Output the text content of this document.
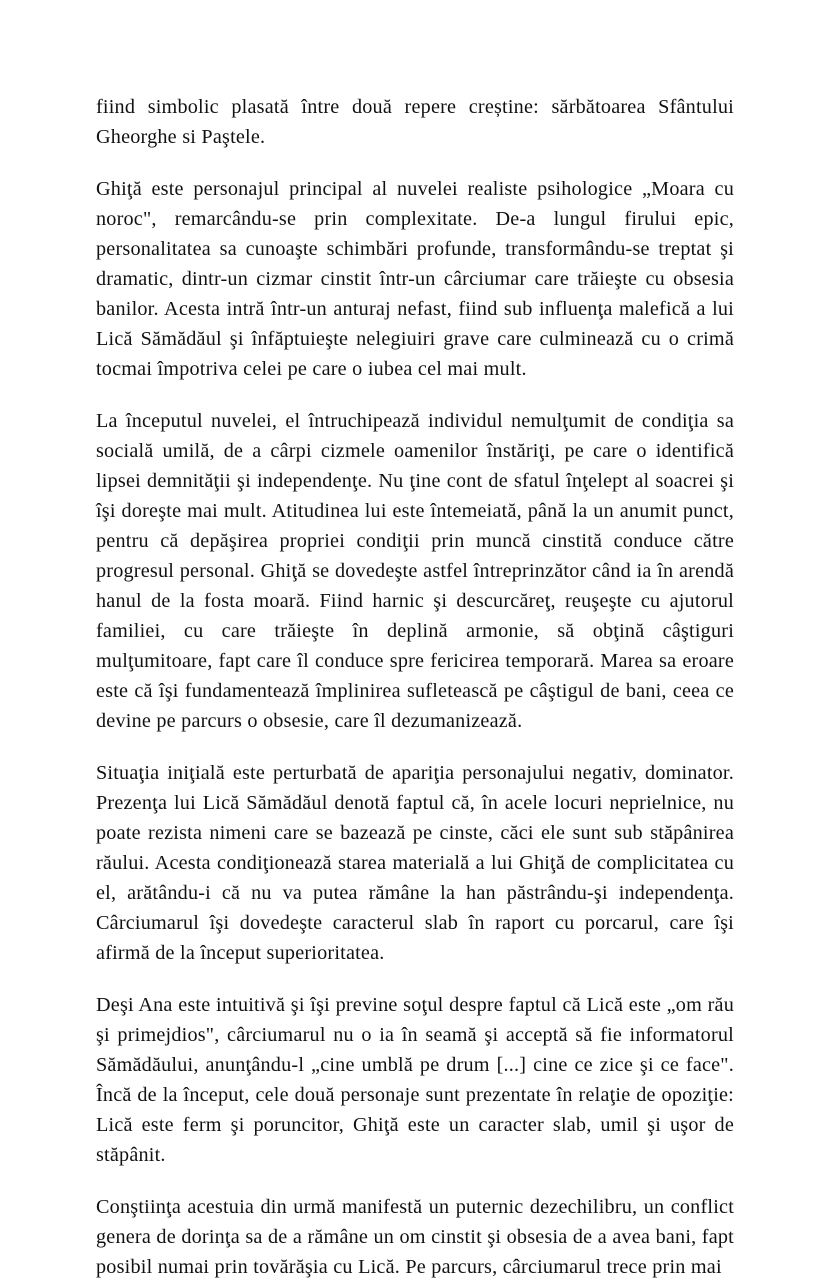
fiind simbolic plasată între două repere creștine: sărbătoarea Sfântului Gheorghe si Paştele.

Ghiţă este personajul principal al nuvelei realiste psihologice „Moara cu noroc", remarcându-se prin complexitate. De-a lungul firului epic, personalitatea sa cunoaşte schimbări profunde, transformându-se treptat şi dramatic, dintr-un cizmar cinstit într-un cârciumar care trăieşte cu obsesia banilor. Acesta intră într-un anturaj nefast, fiind sub influenţa malefică a lui Lică Sămădăul şi înfăptuieşte nelegiuiri grave care culminează cu o crimă tocmai împotriva celei pe care o iubea cel mai mult.

La începutul nuvelei, el întruchipează individul nemulţumit de condiţia sa socială umilă, de a cârpi cizmele oamenilor înstăriţi, pe care o identifică lipsei demnităţii şi independenţe. Nu ţine cont de sfatul înţelept al soacrei şi îşi doreşte mai mult. Atitudinea lui este întemeiată, până la un anumit punct, pentru că depăşirea propriei condiţii prin muncă cinstită conduce către progresul personal. Ghiţă se dovedeşte astfel întreprinzător când ia în arendă hanul de la fosta moară. Fiind harnic şi descurcăreţ, reuşeşte cu ajutorul familiei, cu care trăieşte în deplină armonie, să obţină câştiguri mulţumitoare, fapt care îl conduce spre fericirea temporară. Marea sa eroare este că îşi fundamentează împlinirea sufletească pe câştigul de bani, ceea ce devine pe parcurs o obsesie, care îl dezumanizează.

Situaţia iniţială este perturbată de apariţia personajului negativ, dominator. Prezenţa lui Lică Sămădăul denotă faptul că, în acele locuri neprielnice, nu poate rezista nimeni care se bazează pe cinste, căci ele sunt sub stăpânirea răului. Acesta condiţionează starea materială a lui Ghiţă de complicitatea cu el, arătându-i că nu va putea rămâne la han păstrându-şi independenţa. Cârciumarul îşi dovedeşte caracterul slab în raport cu porcarul, care îşi afirmă de la început superioritatea.

Deşi Ana este intuitivă şi îşi previne soţul despre faptul că Lică este „om rău şi primejdios", cârciumarul nu o ia în seamă şi acceptă să fie informatorul Sămădăului, anunţându-l „cine umblă pe drum [...] cine ce zice şi ce face". Încă de la început, cele două personaje sunt prezentate în relaţie de opoziţie: Lică este ferm şi poruncitor, Ghiţă este un caracter slab, umil şi uşor de stăpânit.

Conştiinţa acestuia din urmă manifestă un puternic dezechilibru, un conflict genera de dorinţa sa de a rămâne un om cinstit şi obsesia de a avea bani, fapt posibil numai prin tovărăşia cu Lică. Pe parcurs, cârciumarul trece prin mai
